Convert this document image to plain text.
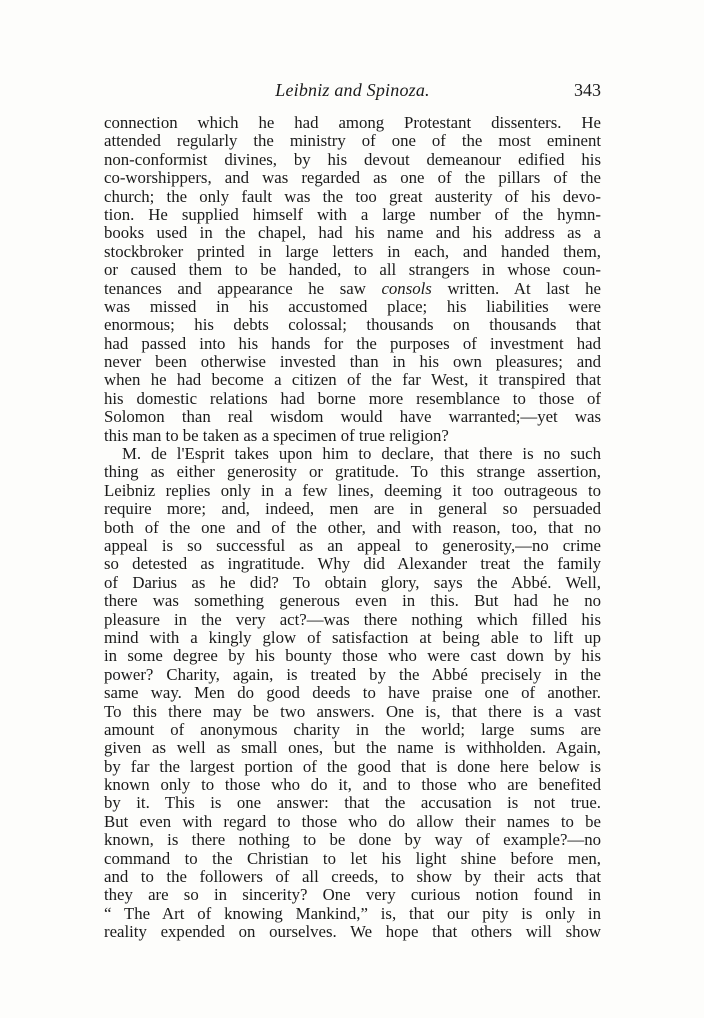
Leibniz and Spinoza.	343
connection which he had among Protestant dissenters. He
attended regularly the ministry of one of the most eminent
non-conformist divines, by his devout demeanour edified his
co-worshippers, and was regarded as one of the pillars of the
church; the only fault was the too great austerity of his devo-
tion. He supplied himself with a large number of the hymn-
books used in the chapel, had his name and his address as a
stockbroker printed in large letters in each, and handed them,
or caused them to be handed, to all strangers in whose coun-
tenances and appearance he saw consols written. At last he
was missed in his accustomed place; his liabilities were
enormous; his debts colossal; thousands on thousands that
had passed into his hands for the purposes of investment had
never been otherwise invested than in his own pleasures; and
when he had become a citizen of the far West, it transpired that
his domestic relations had borne more resemblance to those of
Solomon than real wisdom would have warranted;—yet was
this man to be taken as a specimen of true religion?
M. de l'Esprit takes upon him to declare, that there is no such
thing as either generosity or gratitude. To this strange assertion,
Leibniz replies only in a few lines, deeming it too outrageous to
require more; and, indeed, men are in general so persuaded
both of the one and of the other, and with reason, too, that no
appeal is so successful as an appeal to generosity,—no crime
so detested as ingratitude. Why did Alexander treat the family
of Darius as he did? To obtain glory, says the Abbé. Well,
there was something generous even in this. But had he no
pleasure in the very act?—was there nothing which filled his
mind with a kingly glow of satisfaction at being able to lift up
in some degree by his bounty those who were cast down by his
power? Charity, again, is treated by the Abbé precisely in the
same way. Men do good deeds to have praise one of another.
To this there may be two answers. One is, that there is a vast
amount of anonymous charity in the world; large sums are
given as well as small ones, but the name is withholden. Again,
by far the largest portion of the good that is done here below is
known only to those who do it, and to those who are benefited
by it. This is one answer: that the accusation is not true.
But even with regard to those who do allow their names to be
known, is there nothing to be done by way of example?—no
command to the Christian to let his light shine before men,
and to the followers of all creeds, to show by their acts that
they are so in sincerity? One very curious notion found in
“ The Art of knowing Mankind,” is, that our pity is only in
reality expended on ourselves. We hope that others will show
